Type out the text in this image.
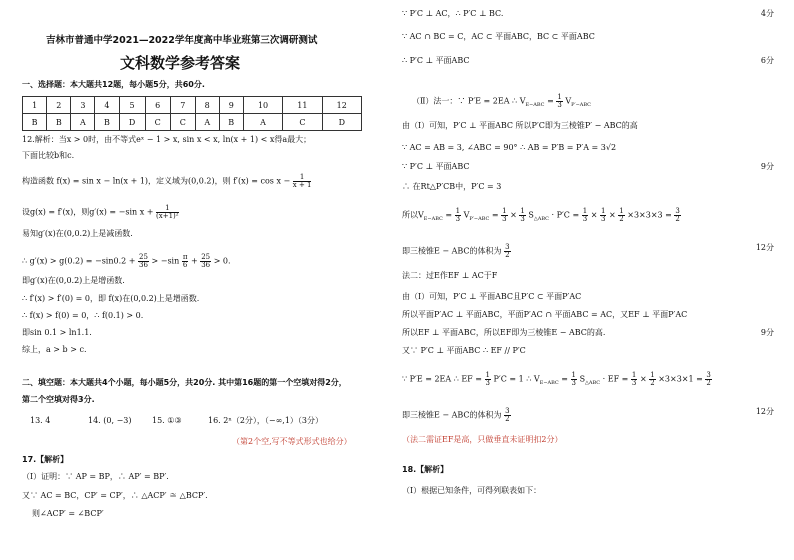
吉林市普通中学2021—2022学年度高中毕业班第三次调研测试
文科数学参考答案
一、选择题：本大题共12题，每小题5分，共60分.
1	2	3	4	5	6	7	8	9	10	11	12
B	B	A	B	D	C	C	A	B	A	C	D
12.解析：当x > 0时，由不等式eˣ − 1 > x, sin x < x, ln(x + 1) < x得a最大；
下面比较b和c.
构造函数 f(x) = sin x − ln(x + 1)，定义域为(0,0.2)，则 $f'(x) = \cos x - \frac{1}{x + 1}$
设g(x) = f′(x)，则g′(x) = −sin $x + \frac{1}{\text{(x+1)²}}$
易知g′(x)在(0,0.2)上是减函数.
∴ $g'(x) > g(0.2) = -\sin 0.2 + \frac{25}{36} > -\sin \frac{\pi}{6} + \frac{25}{36} > 0$.
即g′(x)在(0,0.2)上是增函数.
∴ f′(x) > f′(0) = 0，即 f(x)在(0,0.2)上是增函数.
∴ f(x) > f(0) = 0，∴ f(0.1) > 0.
即sin 0.1 > ln1.1.
综上，a > b > c.
二、填空题：本大题共4个小题，每小题5分，共20分. 其中第16题的第一个空填对得2分，
第二个空填对得3分.
13. 4	14. (0, −3)	15. ①③	16. 2ⁿ（2分），（−∞,1）（3分）
（第2个空,写不等式形式也给分）
17.【解析】
（Ⅰ）证明：∵ AP = BP，∴ AP′ = BP′.
又∵ AC = BC，CP′ = CP′，∴ △ACP′ ≅ △BCP′.
则∠ACP′ = ∠BCP′
∵ P′C ⊥ AC，∴ P′C ⊥ BC.	4分
∵ AC ∩ BC = C，AC ⊂ 平面ABC，BC ⊂ 平面ABC
∴ P′C ⊥ 平面ABC	6分
（Ⅱ）法一：∵ P′E = 2EA ∴ $V_{E-ABC} = \frac{1}{3} V_{P'-ABC}$
由（Ⅰ）可知，P′C ⊥ 平面ABC 所以P′C即为三棱锥P′ − ABC的高
∵ AC = AB = 3, ∠ABC = 90° ∴ AB = P′B = P′A = 3√2
∵ P′C ⊥ 平面ABC	9分
∴ 在Rt△P′CB中，P′C = 3
所以$V_{E-ABC} = \frac{1}{3} V_{P'-ABC} = \frac{1}{3} \times \frac{1}{3} S_{\triangle ABC} \cdot P'C = \frac{1}{3} \times \frac{1}{3} \times \frac{1}{2} \times 3\times 3\times 3 = \frac{3}{2}$
即三棱锥E − ABC的体积为 $\frac{3}{2}$	12分
法二：过E作EF ⊥ AC于F
由（Ⅰ）可知，P′C ⊥ 平面ABC且P′C ⊂ 平面P′AC
所以平面P′AC ⊥ 平面ABC，平面P′AC ∩ 平面ABC = AC，又EF ⊥ 平面P′AC
所以EF ⊥ 平面ABC，所以EF即为三棱锥E − ABC的高.	9分
又∵ P′C ⊥ 平面ABC ∴ EF // P′C
∵ P′E = 2EA ∴ EF = $\frac{1}{3} P'C = 1$ ∴ $V_{E-ABC} = \frac{1}{3} S_{\triangle ABC}$ · EF = $\frac{1}{3} \times \frac{1}{2} \times 3\times 3\times 1 = \frac{3}{2}$
即三棱锥E − ABC的体积为 $\frac{3}{2}$	12分
（法二需证EF是高，只做垂直未证明扣2分）
18.【解析】
（Ⅰ）根据已知条件，可得列联表如下：
